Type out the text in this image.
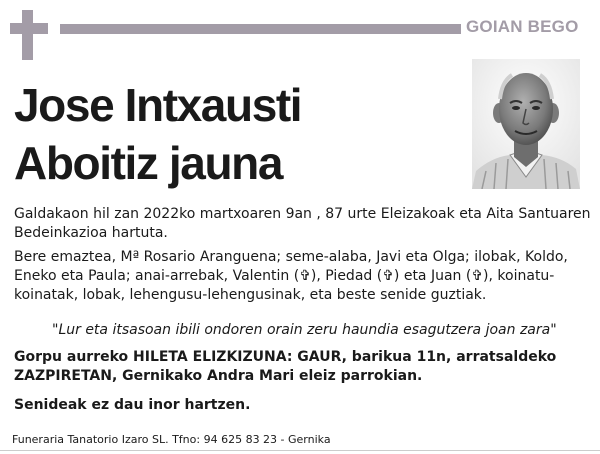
GOIAN BEGO
Jose Intxausti
Aboitiz jauna
Galdakaon hil zan 2022ko martxoaren 9an , 87 urte Eleizakoak eta Aita Santuaren Bedeinkazioa hartuta.
Bere emaztea, Mª Rosario Aranguena; seme-alaba, Javi eta Olga; ilobak, Koldo, Eneko eta Paula; anai-arrebak, Valentin (✞), Piedad (✞) eta Juan (✞), koinatu-koinatak, lobak, lehengusu-lehengusinak, eta beste senide guztiak.
"Lur eta itsasoan ibili ondoren orain zeru haundia esagutzera joan zara"
Gorpu aurreko HILETA ELIZKIZUNA: GAUR, barikua 11n, arratsaldeko ZAZPIRETAN, Gernikako Andra Mari eleiz parrokian.
Senideak ez dau inor hartzen.
Funeraria Tanatorio Izaro SL. Tfno: 94 625 83 23 - Gernika
